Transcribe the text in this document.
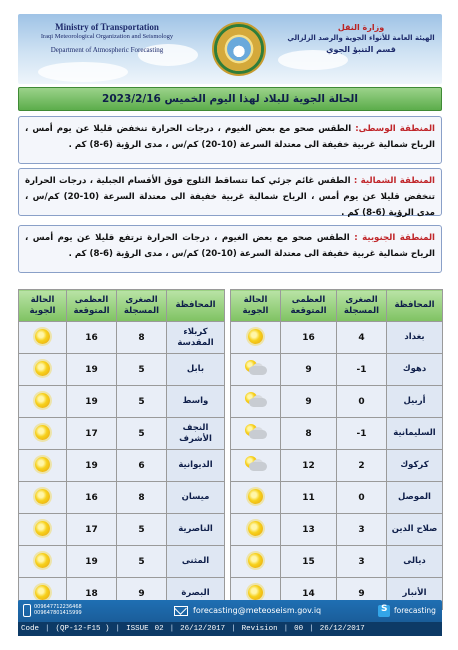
Ministry of Transportation
Iraqi Meteorological Organization and Seismology
Department of Atmospheric Forecasting
وزارة النقل
الهيئة العامة للأنواء الجوية والرصد الزلزالي
قسم التنبؤ الجوي
الحالة الجوية للبلاد لهذا اليوم الخميس 2023/2/16

المنطقة الوسطى: الطقس صحو مع بعض الغيوم ، درجات الحرارة تنخفض قليلا عن يوم أمس ، الرياح شمالية غربية خفيفة الى معتدلة السرعة (10-20) كم/س ، مدى الرؤية (6-8) كم .

المنطقة الشمالية : الطقس غائم جزئي كما تتساقط الثلوج فوق الأقسام الجبلية ، درجات الحرارة تنخفض قليلا عن يوم أمس ، الرياح شمالية غربية خفيفة الى معتدلة السرعة (10-20) كم/س ، مدى الرؤية (6-8) كم .

المنطقة الجنوبية : الطقس صحو مع بعض الغيوم ، درجات الحرارة ترتفع قليلا عن يوم أمس ، الرياح شمالية غربية خفيفة الى معتدلة السرعة (10-20) كم/س ، مدى الرؤية (6-8) كم .

المحافظة	الصغرى المسجلة	العظمى المتوقعة	الحالة الجوية		المحافظة	الصغرى المسجلة	العظمى المتوقعة	الحالة الجوية
بغداد	4	16			كربلاء المقدسة	8	16	
دهوك	1-	9			بابل	5	19	
أربيل	0	9			واسط	5	19	
السليمانية	1-	8			النجف الأشرف	5	17	
كركوك	2	12			الديوانية	6	19	
الموصل	0	11			ميسان	8	16	
صلاح الدين	3	13			الناصرية	5	17	
ديالى	3	15			المثنى	5	19	
الأنبار	9	14			البصرة	9	18	
009647712236468
009647801415999	forecasting@meteoseism.gov.iq S	forecasting
Code | (QP-12-F15 ) | ISSUE 02 | 26/12/2017 | Revision | 00 | 26/12/2017
